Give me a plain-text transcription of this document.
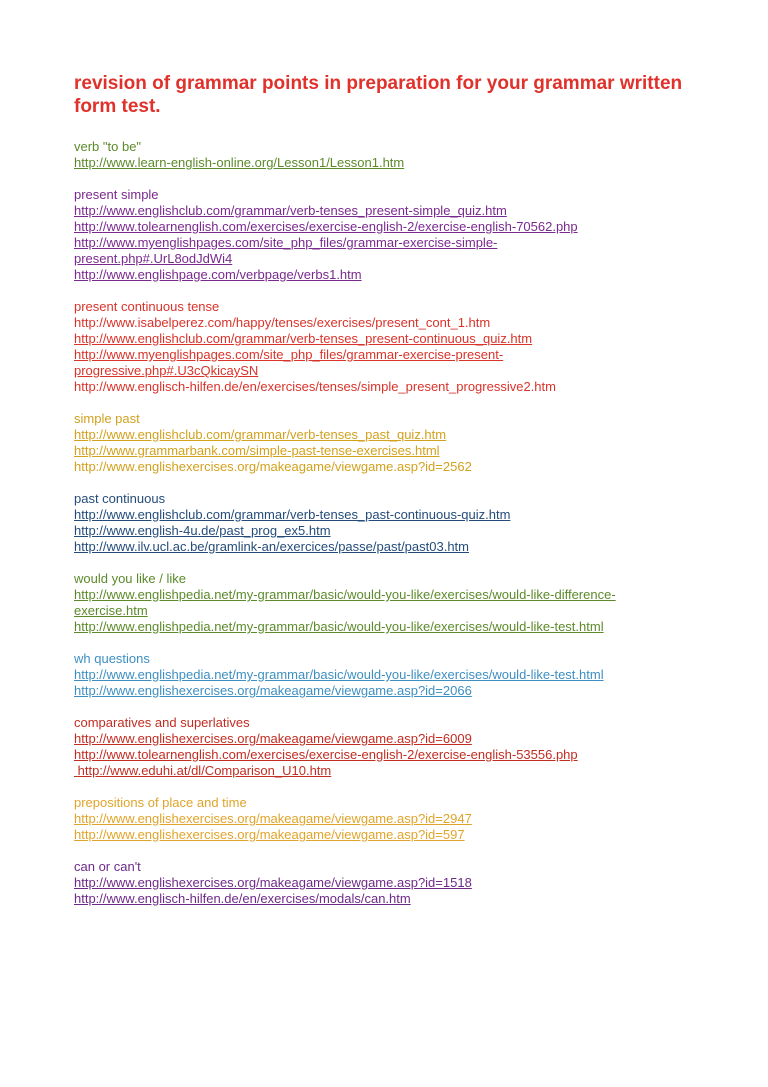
revision of grammar points in preparation for your grammar written form test.
verb "to be"
http://www.learn-english-online.org/Lesson1/Lesson1.htm
present simple
http://www.englishclub.com/grammar/verb-tenses_present-simple_quiz.htm
http://www.tolearnenglish.com/exercises/exercise-english-2/exercise-english-70562.php
http://www.myenglishpages.com/site_php_files/grammar-exercise-simple-
present.php#.UrL8odJdWi4
http://www.englishpage.com/verbpage/verbs1.htm
present continuous tense
http://www.isabelperez.com/happy/tenses/exercises/present_cont_1.htm
http://www.englishclub.com/grammar/verb-tenses_present-continuous_quiz.htm
http://www.myenglishpages.com/site_php_files/grammar-exercise-present-
progressive.php#.U3cQkicaySN
http://www.englisch-hilfen.de/en/exercises/tenses/simple_present_progressive2.htm
simple past
http://www.englishclub.com/grammar/verb-tenses_past_quiz.htm
http://www.grammarbank.com/simple-past-tense-exercises.html
http://www.englishexercises.org/makeagame/viewgame.asp?id=2562
past continuous
http://www.englishclub.com/grammar/verb-tenses_past-continuous-quiz.htm
http://www.english-4u.de/past_prog_ex5.htm
http://www.ilv.ucl.ac.be/gramlink-an/exercices/passe/past/past03.htm
would you like / like
http://www.englishpedia.net/my-grammar/basic/would-you-like/exercises/would-like-difference-
exercise.htm
http://www.englishpedia.net/my-grammar/basic/would-you-like/exercises/would-like-test.html
wh questions
http://www.englishpedia.net/my-grammar/basic/would-you-like/exercises/would-like-test.html
http://www.englishexercises.org/makeagame/viewgame.asp?id=2066
comparatives and superlatives
http://www.englishexercises.org/makeagame/viewgame.asp?id=6009
http://www.tolearnenglish.com/exercises/exercise-english-2/exercise-english-53556.php
http://www.eduhi.at/dl/Comparison_U10.htm
prepositions of place and time
http://www.englishexercises.org/makeagame/viewgame.asp?id=2947
http://www.englishexercises.org/makeagame/viewgame.asp?id=597
can or can't
http://www.englishexercises.org/makeagame/viewgame.asp?id=1518
http://www.englisch-hilfen.de/en/exercises/modals/can.htm
